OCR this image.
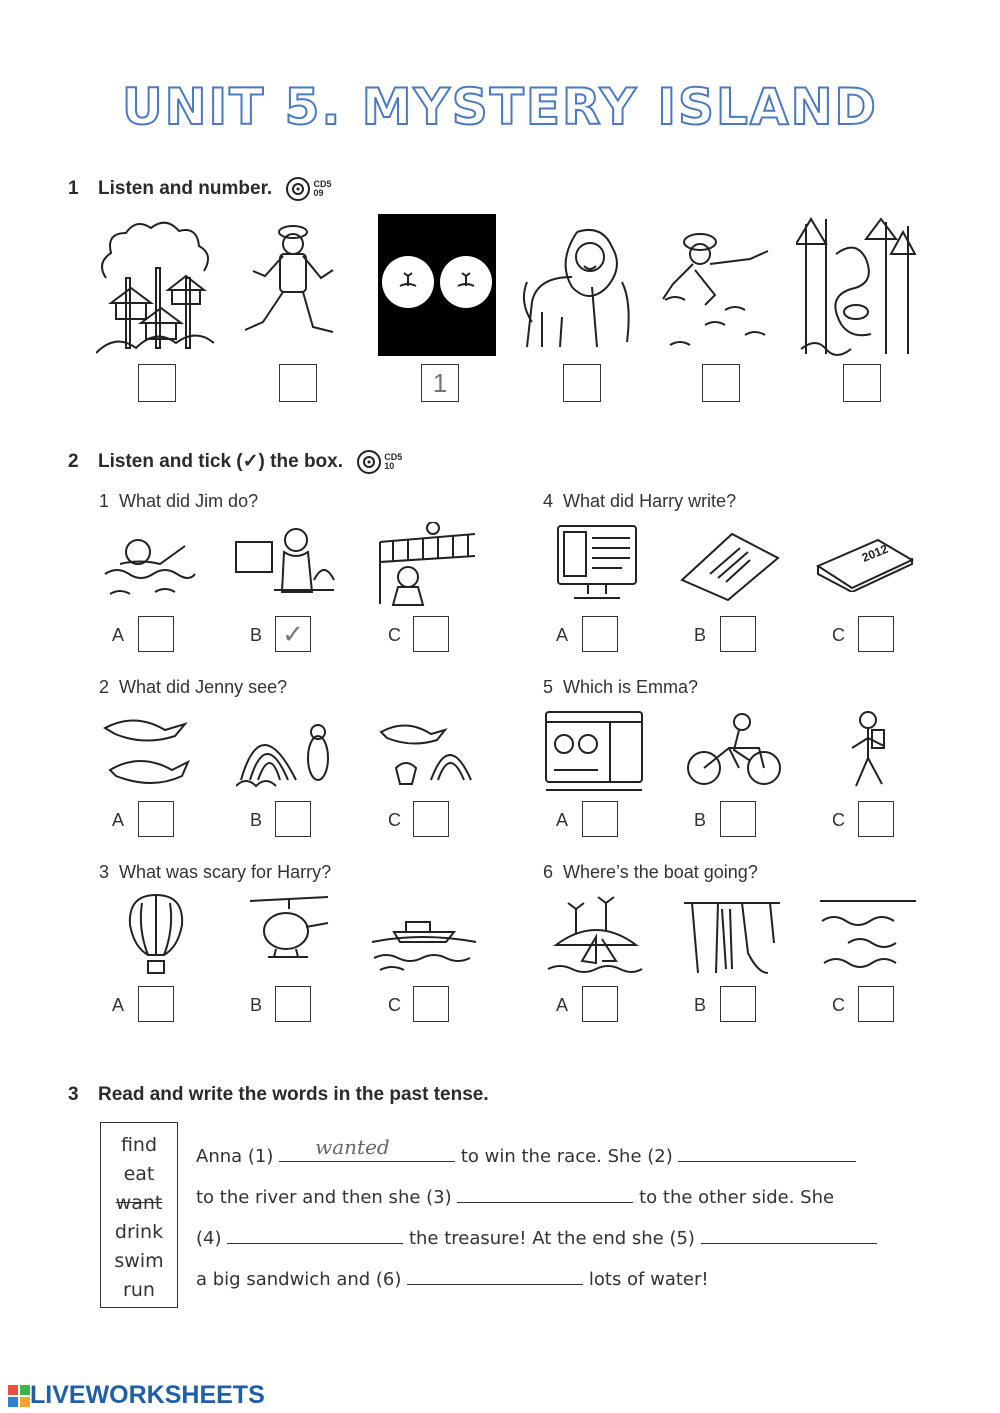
UNIT 5. MYSTERY ISLAND
1 Listen and number.	CD5
09
1
2 Listen and tick (✓) the box.	CD5
10
1 What did Jim do?
2 What did Jenny see?
3 What was scary for Harry?
4 What did Harry write?
5 Which is Emma?
6 Where’s the boat going?
2012
A	B ✓	C	A	B	C
A	B	C	A	B	C
A	B	C	A	B	C
3 Read and write the words in the past tense.
find
eat
want
drink
swim
run
Anna (1) wanted	to win the race. She (2)
to the river and then she (3)	to the other side. She
(4)	the treasure! At the end she (5)
a big sandwich and (6)	lots of water!
LIVEWORKSHEETS
